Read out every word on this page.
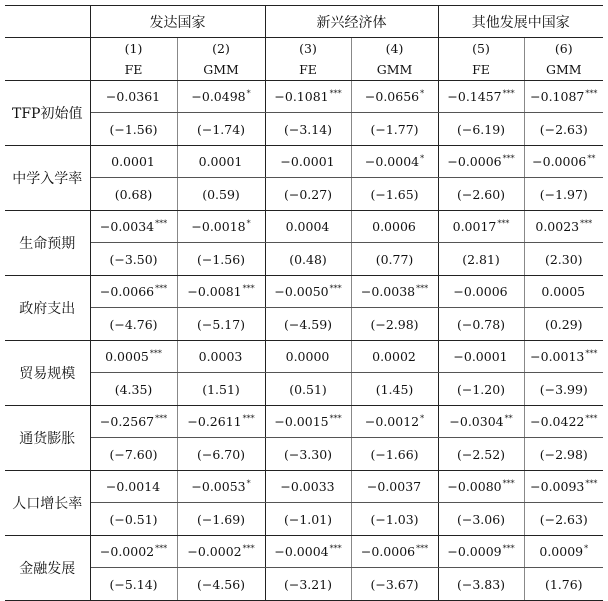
	发达国家		新兴经济体		其他发展中国家	
	(1)	(2)	(3)	(4)	(5)	(6)
	FE	GMM	FE	GMM	FE	GMM
TFP初始值	−0.0361	−0.0498*	−0.1081***	−0.0656*	−0.1457***	−0.1087***
	(−1.56)	(−1.74)	(−3.14)	(−1.77)	(−6.19)	(−2.63)
中学入学率	0.0001	0.0001	−0.0001	−0.0004*	−0.0006***	−0.0006**
	(0.68)	(0.59)	(−0.27)	(−1.65)	(−2.60)	(−1.97)
生命预期	−0.0034***	−0.0018*	0.0004	0.0006	0.0017***	0.0023***
	(−3.50)	(−1.56)	(0.48)	(0.77)	(2.81)	(2.30)
政府支出	−0.0066***	−0.0081***	−0.0050***	−0.0038***	−0.0006	0.0005
	(−4.76)	(−5.17)	(−4.59)	(−2.98)	(−0.78)	(0.29)
贸易规模	0.0005***	0.0003	0.0000	0.0002	−0.0001	−0.0013***
	(4.35)	(1.51)	(0.51)	(1.45)	(−1.20)	(−3.99)
通货膨胀	−0.2567***	−0.2611***	−0.0015***	−0.0012*	−0.0304**	−0.0422***
	(−7.60)	(−6.70)	(−3.30)	(−1.66)	(−2.52)	(−2.98)
人口增长率	−0.0014	−0.0053*	−0.0033	−0.0037	−0.0080***	−0.0093***
	(−0.51)	(−1.69)	(−1.01)	(−1.03)	(−3.06)	(−2.63)
金融发展	−0.0002***	−0.0002***	−0.0004***	−0.0006***	−0.0009***	0.0009*
	(−5.14)	(−4.56)	(−3.21)	(−3.67)	(−3.83)	(1.76)
